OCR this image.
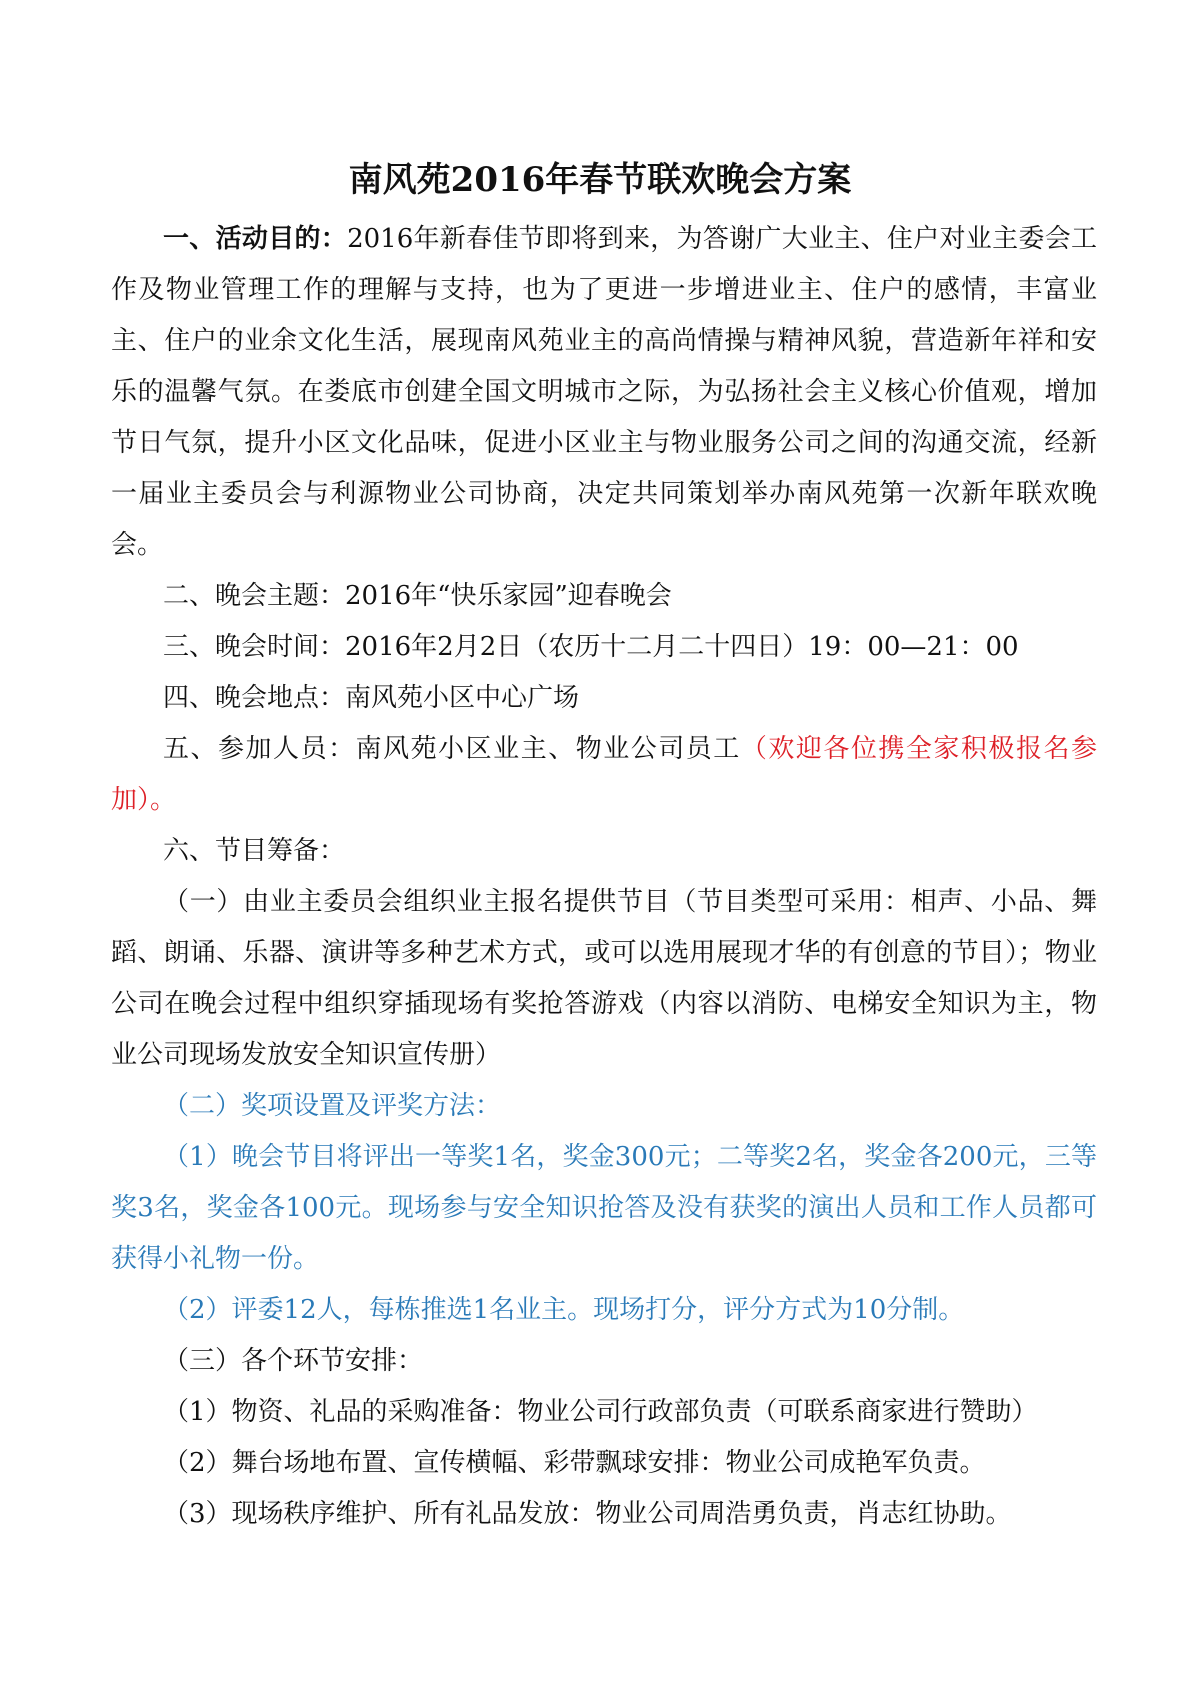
南风苑2016年春节联欢晚会方案

一、活动目的：2016年新春佳节即将到来，为答谢广大业主、住户对业主委会工作及物业管理工作的理解与支持，也为了更进一步增进业主、住户的感情，丰富业主、住户的业余文化生活，展现南风苑业主的高尚情操与精神风貌，营造新年祥和安乐的温馨气氛。在娄底市创建全国文明城市之际，为弘扬社会主义核心价值观，增加节日气氛，提升小区文化品味，促进小区业主与物业服务公司之间的沟通交流，经新一届业主委员会与利源物业公司协商，决定共同策划举办南风苑第一次新年联欢晚会。

二、晚会主题：2016年“快乐家园”迎春晚会

三、晚会时间：2016年2月2日（农历十二月二十四日）19：00—21：00

四、晚会地点：南风苑小区中心广场

五、参加人员：南风苑小区业主、物业公司员工（欢迎各位携全家积极报名参加）。

六、节目筹备：

（一）由业主委员会组织业主报名提供节目（节目类型可采用：相声、小品、舞蹈、朗诵、乐器、演讲等多种艺术方式，或可以选用展现才华的有创意的节目）；物业公司在晚会过程中组织穿插现场有奖抢答游戏（内容以消防、电梯安全知识为主，物业公司现场发放安全知识宣传册）

（二）奖项设置及评奖方法：

（1）晚会节目将评出一等奖1名，奖金300元；二等奖2名，奖金各200元，三等奖3名，奖金各100元。现场参与安全知识抢答及没有获奖的演出人员和工作人员都可获得小礼物一份。

（2）评委12人，每栋推选1名业主。现场打分，评分方式为10分制。

（三）各个环节安排：

（1）物资、礼品的采购准备：物业公司行政部负责（可联系商家进行赞助）

（2）舞台场地布置、宣传横幅、彩带飘球安排：物业公司成艳军负责。

（3）现场秩序维护、所有礼品发放：物业公司周浩勇负责，肖志红协助。
